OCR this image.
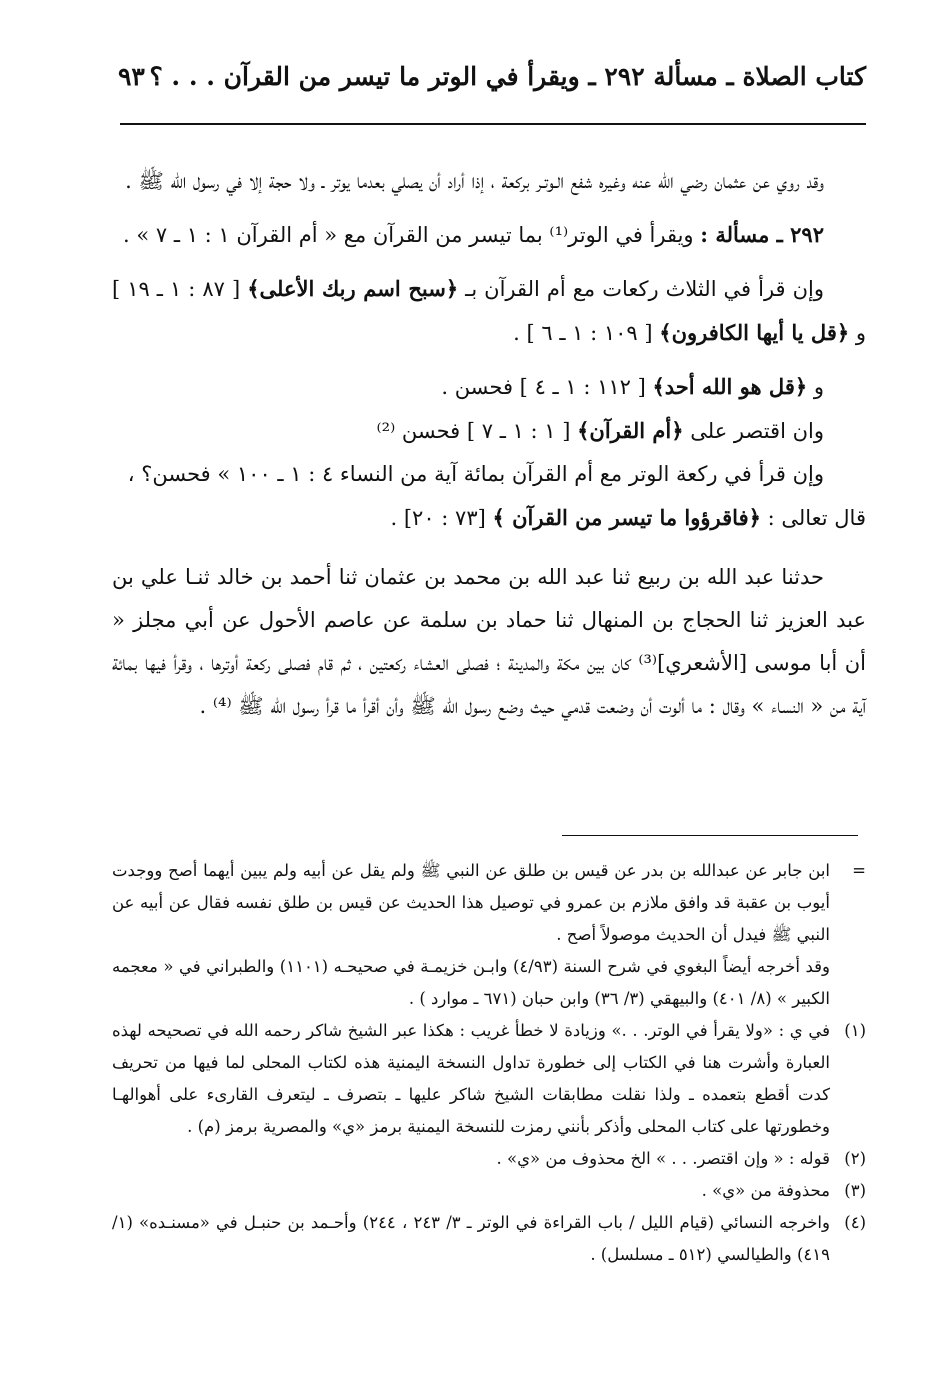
كتاب الصلاة ـ مسألة ٢٩٢ ـ ويقرأ في الوتر ما تيسر من القرآن . . . ؟
٩٣

وقد روي عن عثمان رضي الله عنه وغيره شفع الـوتـر بركعة ، إذا أراد أن يصلي بعدما يوتر ـ ولا حجة إلا في رسول الله ﷺ .

٢٩٢ ـ مسألة : ويقرأ في الوتر⁽¹⁾ بما تيسر من القرآن مع « أم القرآن ١ : ١ ـ ٧ » .

وإن قرأ في الثلاث ركعات مع أم القرآن بـ ﴿سبح اسم ربك الأعلى﴾ [ ٨٧ : ١ ـ ١٩ ] و ﴿قل يا أيها الكافرون﴾ [ ١٠٩ : ١ ـ ٦ ] .

و ﴿قل هو الله أحد﴾ [ ١١٢ : ١ ـ ٤ ] فحسن .

وان اقتصر على ﴿أم القرآن﴾ [ ١ : ١ ـ ٧ ] فحسن ⁽²⁾

وإن قرأ في ركعة الوتر مع أم القرآن بمائة آية من النساء ٤ : ١ ـ ١٠٠ » فحسن؟ ،

قال تعالى : ﴿فاقرؤوا ما تيسر من القرآن ﴾ [٧٣ : ٢٠] .

حدثنا عبد الله بن ربيع ثنا عبد الله بن محمد بن عثمان ثنا أحمد بن خالد ثنـا علي بن عبد العزيز ثنا الحجاج بن المنهال ثنا حماد بن سلمة عن عاصم الأحول عن أبي مجلز « أن أبا موسى [الأشعري]⁽³⁾ كان بين مكة والمدينة ؛ فصلى العشاء ركعتين ، ثم قام فصلى ركعة أوترها ، وقرأ فيها بمائة آية من « النساء » وقال : ما ألوت أن وضعت قدمي حيث وضع رسول الله ﷺ وأن أقرأ ما قرأ رسول الله ﷺ ⁽⁴⁾ .

=
ابن جابر عن عبدالله بن بدر عن قيس بن طلق عن النبي ﷺ ولم يقل عن أبيه ولم يبين أيهما أصح ووجدت أيوب بن عقبة قد وافق ملازم بن عمرو في توصيل هذا الحديث عن قيس بن طلق نفسه فقال عن أبيه عن النبي ﷺ فيدل أن الحديث موصولاً أصح .

وقد أخرجه أيضاً البغوي في شرح السنة (٤/٩٣) وابـن خزيمـة في صحيحـه (١١٠١) والطبراني في « معجمه الكبير » (٨/ ٤٠١) والبيهقي (٣/ ٣٦) وابن حبان (٦٧١ ـ موارد ) .

(١)
في ي : «ولا يقرأ في الوتر. . .» وزيادة لا خطأ غريب : هكذا عبر الشيخ شاكر رحمه الله في تصحيحه لهذه العبارة وأشرت هنا في الكتاب إلى خطورة تداول النسخة اليمنية هذه لكتاب المحلى لما فيها من تحريف كدت أقطع بتعمده ـ ولذا نقلت مطابقات الشيخ شاكر عليها ـ بتصرف ـ ليتعرف القارىء على أهوالهـا وخطورتها على كتاب المحلى وأذكر بأنني رمزت للنسخة اليمنية برمز «ي» والمصرية برمز (م) .

(٢)
قوله : « وإن اقتصر. . . » الخ محذوف من «ي» .

(٣)
محذوفة من «ي» .

(٤)
واخرجه النسائي (قيام الليل / باب القراءة في الوتر ـ ٣/ ٢٤٣ ، ٢٤٤) وأحـمد بن حنبـل في «مسنـده» (١/ ٤١٩) والطيالسي (٥١٢ ـ مسلسل) .
